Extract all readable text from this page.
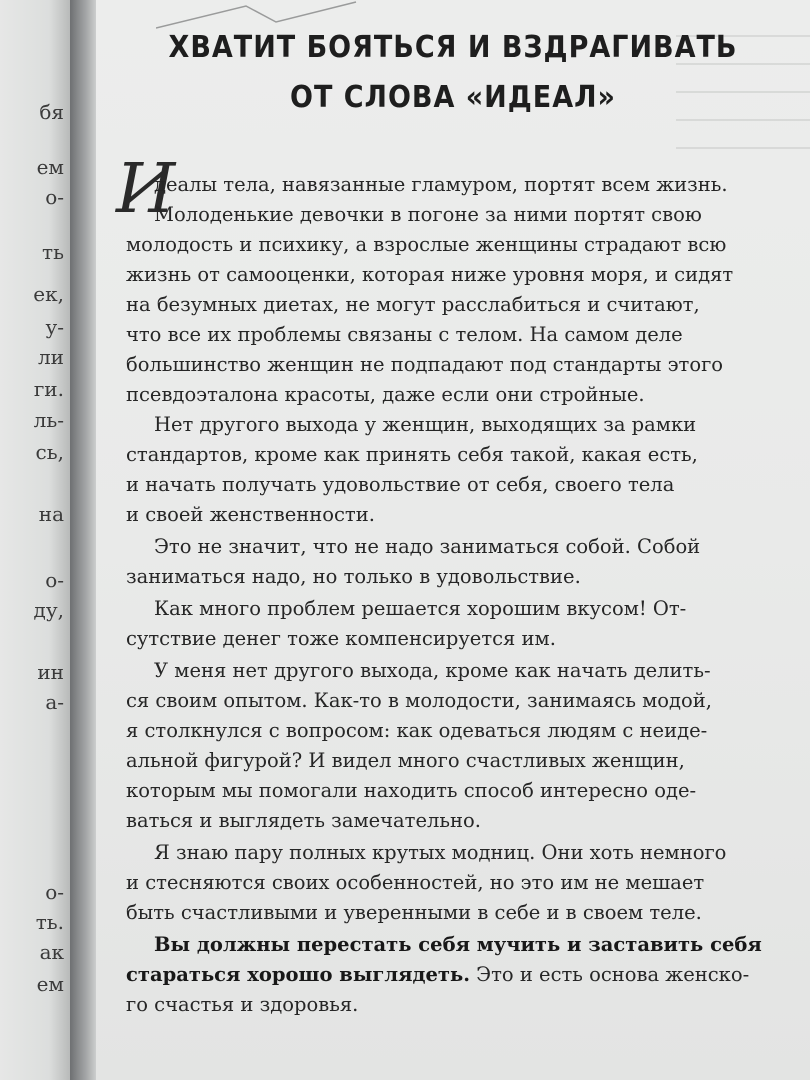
бя
ем
о-
ть
ек,
у-
ли
ги.
ль-
сь,
на
о-
ду,
ин
а-
о-
ть.
ак
ем
ХВАТИТ БОЯТЬСЯ И ВЗДРАГИВАТЬ
ОТ СЛОВА «ИДЕАЛ»
И
деалы тела, навязанные гламуром, портят всем жизнь.
Молоденькие девочки в погоне за ними портят свою
молодость и психику, а взрослые женщины страдают всю
жизнь от самооценки, которая ниже уровня моря, и сидят
на безумных диетах, не могут расслабиться и считают,
что все их проблемы связаны с телом. На самом деле
большинство женщин не подпадают под стандарты этого
псевдоэталона красоты, даже если они стройные.
Нет другого выхода у женщин, выходящих за рамки
стандартов, кроме как принять себя такой, какая есть,
и начать получать удовольствие от себя, своего тела
и своей женственности.
Это не значит, что не надо заниматься собой. Собой
заниматься надо, но только в удовольствие.
Как много проблем решается хорошим вкусом! От-
сутствие денег тоже компенсируется им.
У меня нет другого выхода, кроме как начать делить-
ся своим опытом. Как-то в молодости, занимаясь модой,
я столкнулся с вопросом: как одеваться людям с неиде-
альной фигурой? И видел много счастливых женщин,
которым мы помогали находить способ интересно оде-
ваться и выглядеть замечательно.
Я знаю пару полных крутых модниц. Они хоть немного
и стесняются своих особенностей, но это им не мешает
быть счастливыми и уверенными в себе и в своем теле.
Вы должны перестать себя мучить и заставить себя
стараться хорошо выглядеть. Это и есть основа женско-
го счастья и здоровья.
